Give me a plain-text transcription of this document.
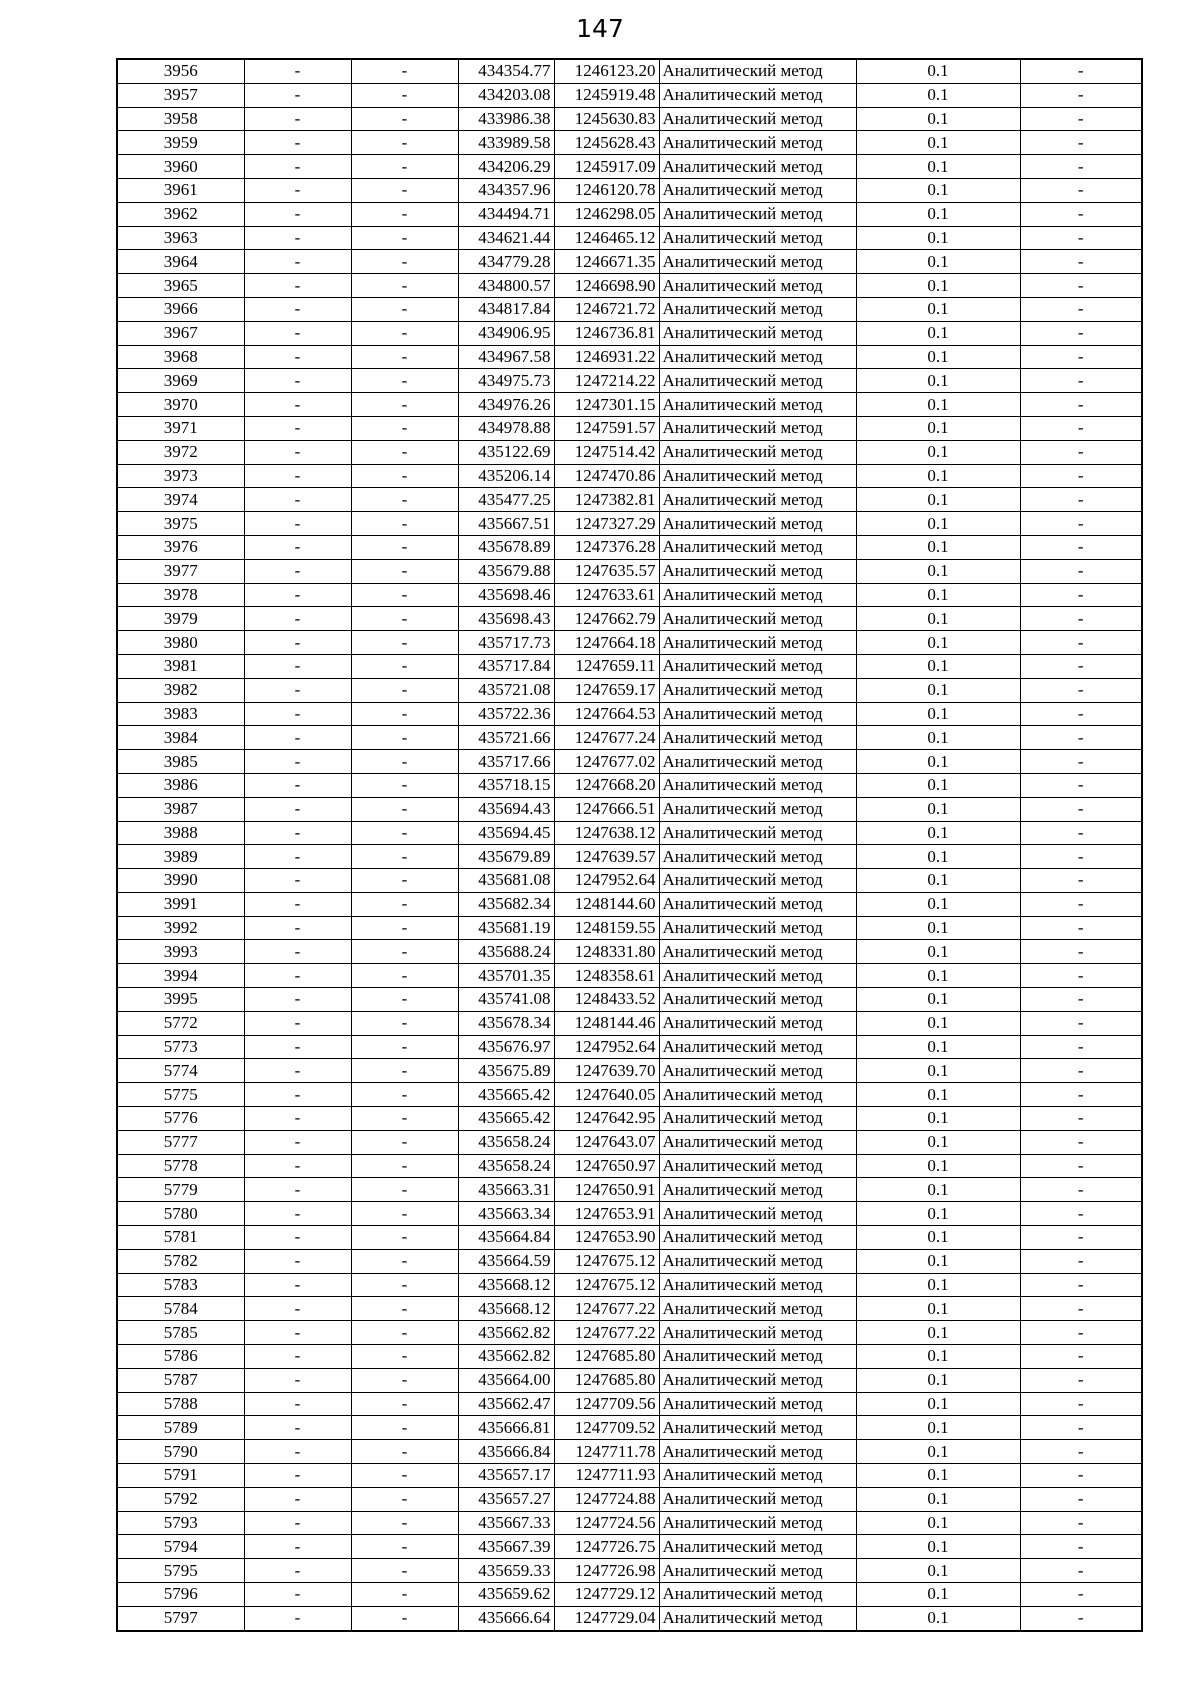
147
3956	-	-	434354.77	1246123.20	Аналитический метод	0.1	-
3957	-	-	434203.08	1245919.48	Аналитический метод	0.1	-
3958	-	-	433986.38	1245630.83	Аналитический метод	0.1	-
3959	-	-	433989.58	1245628.43	Аналитический метод	0.1	-
3960	-	-	434206.29	1245917.09	Аналитический метод	0.1	-
3961	-	-	434357.96	1246120.78	Аналитический метод	0.1	-
3962	-	-	434494.71	1246298.05	Аналитический метод	0.1	-
3963	-	-	434621.44	1246465.12	Аналитический метод	0.1	-
3964	-	-	434779.28	1246671.35	Аналитический метод	0.1	-
3965	-	-	434800.57	1246698.90	Аналитический метод	0.1	-
3966	-	-	434817.84	1246721.72	Аналитический метод	0.1	-
3967	-	-	434906.95	1246736.81	Аналитический метод	0.1	-
3968	-	-	434967.58	1246931.22	Аналитический метод	0.1	-
3969	-	-	434975.73	1247214.22	Аналитический метод	0.1	-
3970	-	-	434976.26	1247301.15	Аналитический метод	0.1	-
3971	-	-	434978.88	1247591.57	Аналитический метод	0.1	-
3972	-	-	435122.69	1247514.42	Аналитический метод	0.1	-
3973	-	-	435206.14	1247470.86	Аналитический метод	0.1	-
3974	-	-	435477.25	1247382.81	Аналитический метод	0.1	-
3975	-	-	435667.51	1247327.29	Аналитический метод	0.1	-
3976	-	-	435678.89	1247376.28	Аналитический метод	0.1	-
3977	-	-	435679.88	1247635.57	Аналитический метод	0.1	-
3978	-	-	435698.46	1247633.61	Аналитический метод	0.1	-
3979	-	-	435698.43	1247662.79	Аналитический метод	0.1	-
3980	-	-	435717.73	1247664.18	Аналитический метод	0.1	-
3981	-	-	435717.84	1247659.11	Аналитический метод	0.1	-
3982	-	-	435721.08	1247659.17	Аналитический метод	0.1	-
3983	-	-	435722.36	1247664.53	Аналитический метод	0.1	-
3984	-	-	435721.66	1247677.24	Аналитический метод	0.1	-
3985	-	-	435717.66	1247677.02	Аналитический метод	0.1	-
3986	-	-	435718.15	1247668.20	Аналитический метод	0.1	-
3987	-	-	435694.43	1247666.51	Аналитический метод	0.1	-
3988	-	-	435694.45	1247638.12	Аналитический метод	0.1	-
3989	-	-	435679.89	1247639.57	Аналитический метод	0.1	-
3990	-	-	435681.08	1247952.64	Аналитический метод	0.1	-
3991	-	-	435682.34	1248144.60	Аналитический метод	0.1	-
3992	-	-	435681.19	1248159.55	Аналитический метод	0.1	-
3993	-	-	435688.24	1248331.80	Аналитический метод	0.1	-
3994	-	-	435701.35	1248358.61	Аналитический метод	0.1	-
3995	-	-	435741.08	1248433.52	Аналитический метод	0.1	-
5772	-	-	435678.34	1248144.46	Аналитический метод	0.1	-
5773	-	-	435676.97	1247952.64	Аналитический метод	0.1	-
5774	-	-	435675.89	1247639.70	Аналитический метод	0.1	-
5775	-	-	435665.42	1247640.05	Аналитический метод	0.1	-
5776	-	-	435665.42	1247642.95	Аналитический метод	0.1	-
5777	-	-	435658.24	1247643.07	Аналитический метод	0.1	-
5778	-	-	435658.24	1247650.97	Аналитический метод	0.1	-
5779	-	-	435663.31	1247650.91	Аналитический метод	0.1	-
5780	-	-	435663.34	1247653.91	Аналитический метод	0.1	-
5781	-	-	435664.84	1247653.90	Аналитический метод	0.1	-
5782	-	-	435664.59	1247675.12	Аналитический метод	0.1	-
5783	-	-	435668.12	1247675.12	Аналитический метод	0.1	-
5784	-	-	435668.12	1247677.22	Аналитический метод	0.1	-
5785	-	-	435662.82	1247677.22	Аналитический метод	0.1	-
5786	-	-	435662.82	1247685.80	Аналитический метод	0.1	-
5787	-	-	435664.00	1247685.80	Аналитический метод	0.1	-
5788	-	-	435662.47	1247709.56	Аналитический метод	0.1	-
5789	-	-	435666.81	1247709.52	Аналитический метод	0.1	-
5790	-	-	435666.84	1247711.78	Аналитический метод	0.1	-
5791	-	-	435657.17	1247711.93	Аналитический метод	0.1	-
5792	-	-	435657.27	1247724.88	Аналитический метод	0.1	-
5793	-	-	435667.33	1247724.56	Аналитический метод	0.1	-
5794	-	-	435667.39	1247726.75	Аналитический метод	0.1	-
5795	-	-	435659.33	1247726.98	Аналитический метод	0.1	-
5796	-	-	435659.62	1247729.12	Аналитический метод	0.1	-
5797	-	-	435666.64	1247729.04	Аналитический метод	0.1	-
